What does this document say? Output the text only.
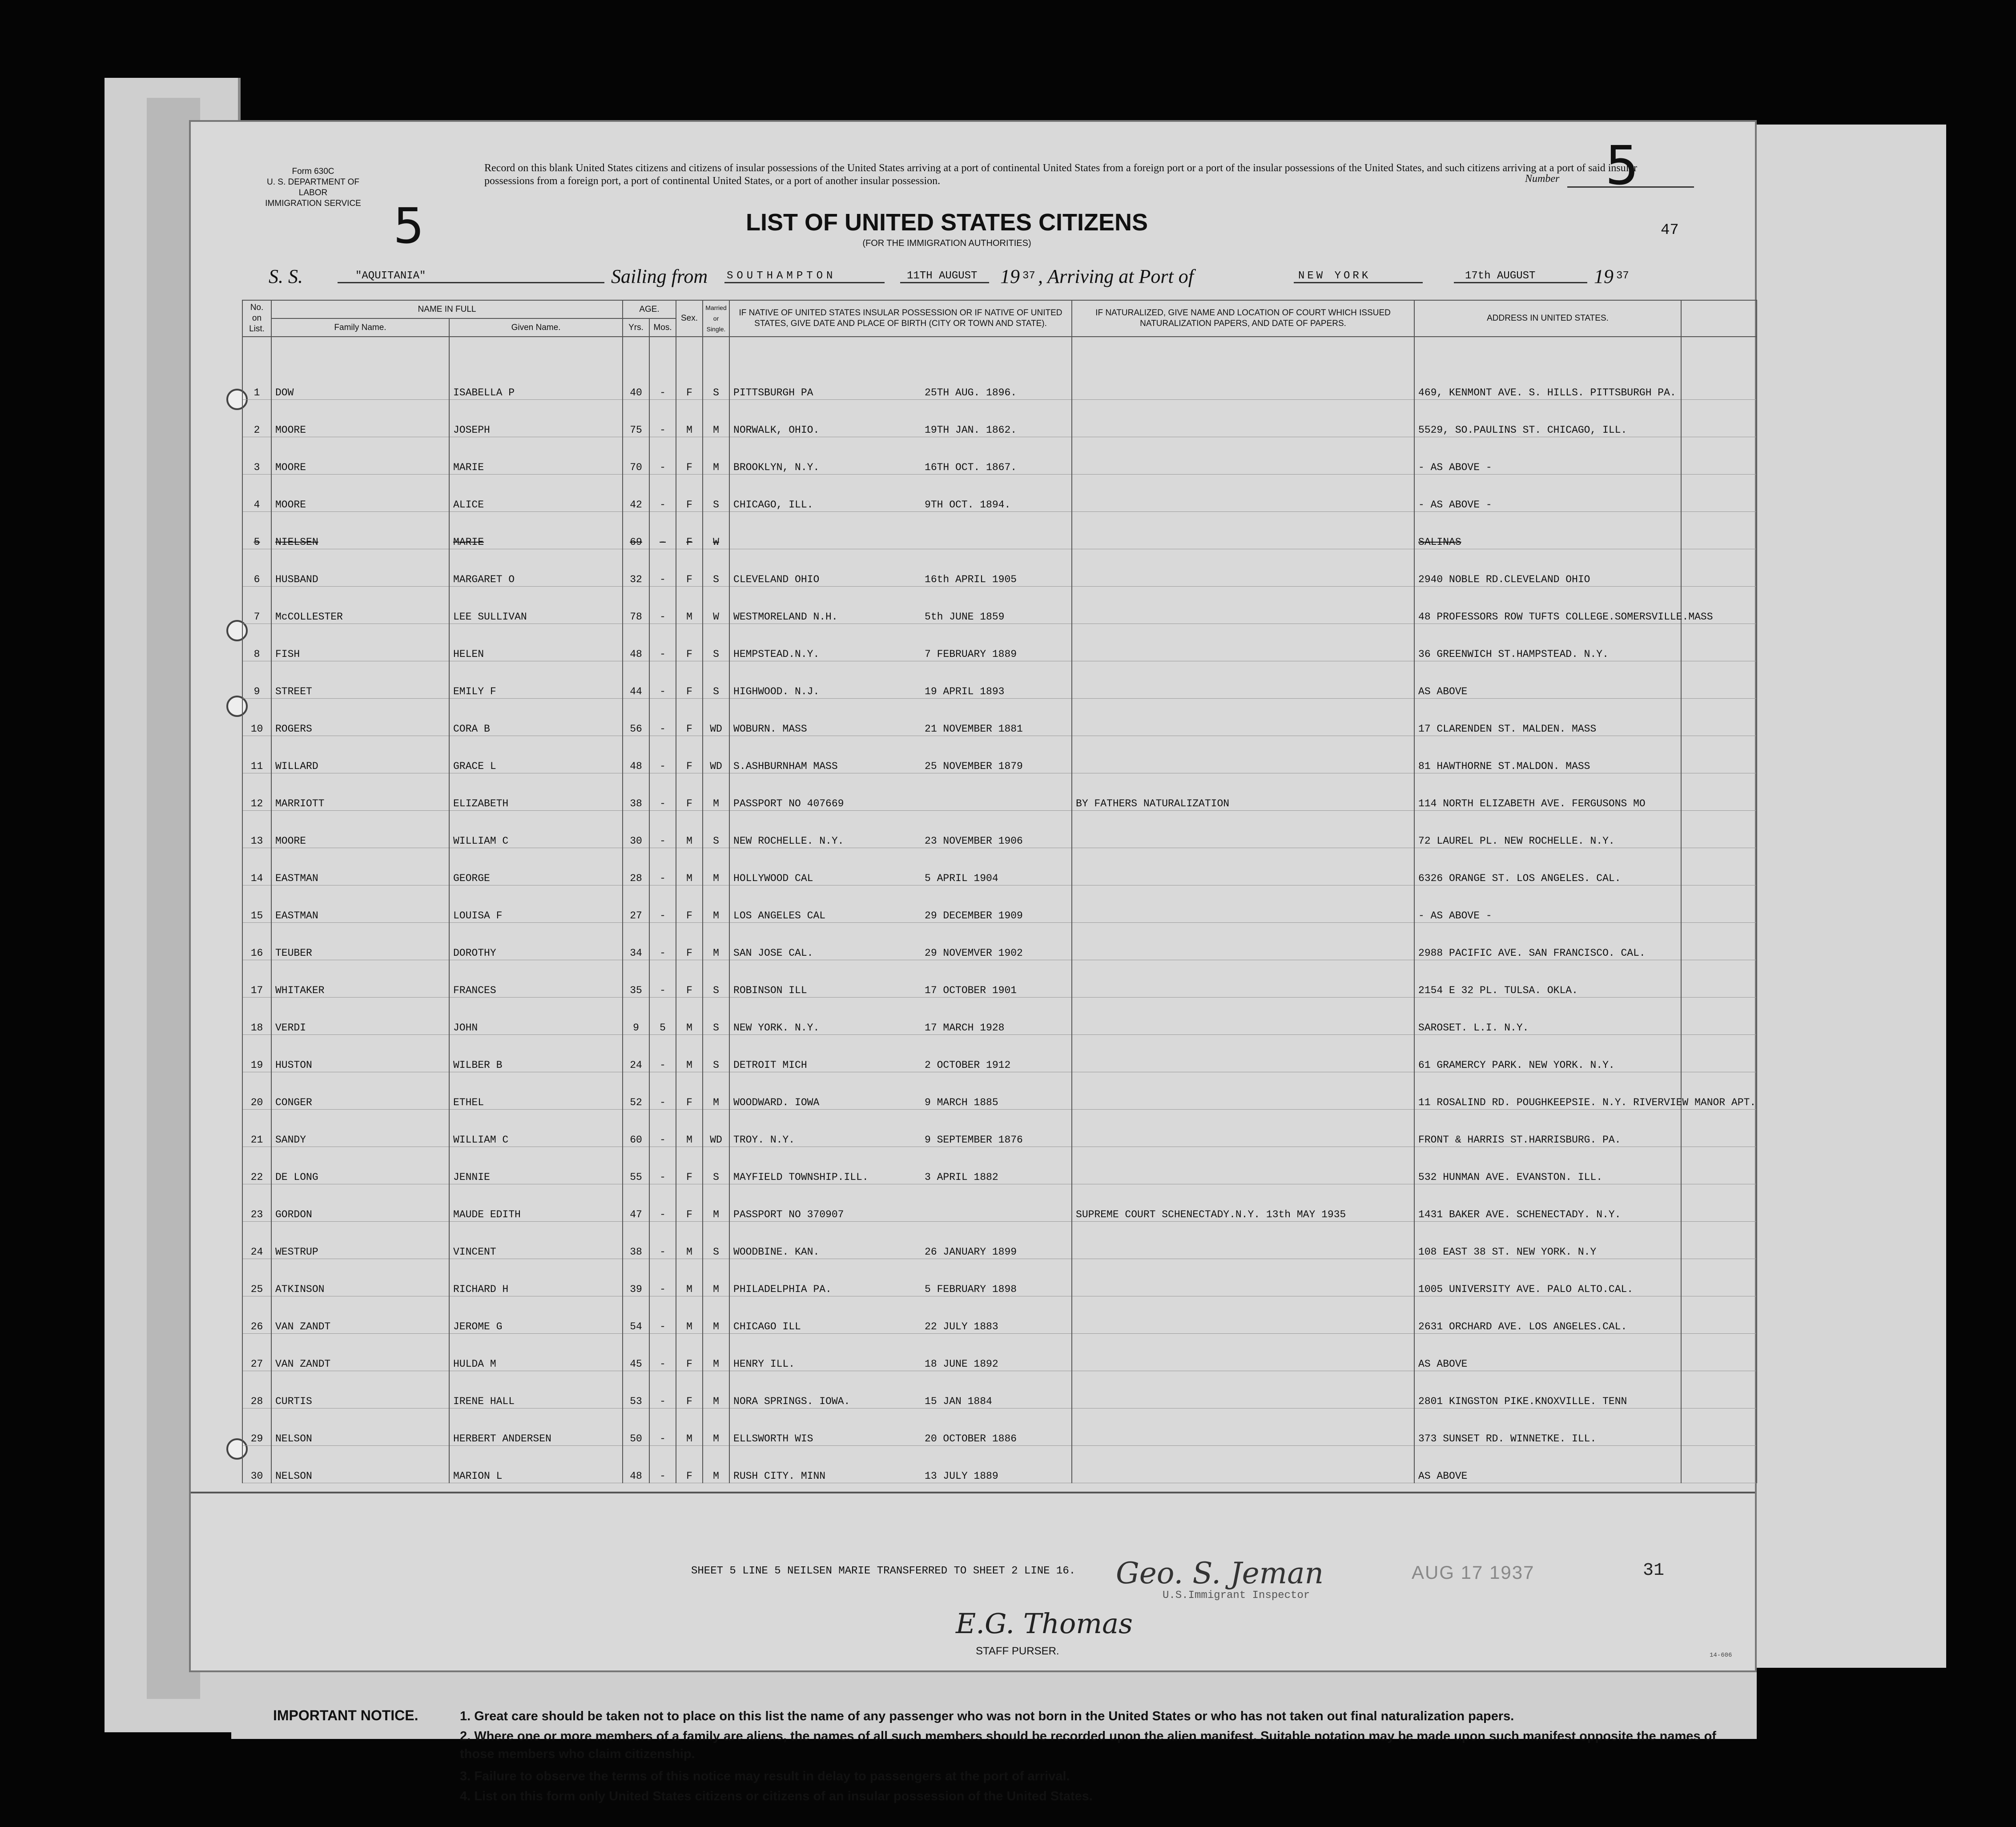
Form 630C
U. S. DEPARTMENT OF LABOR
IMMIGRATION SERVICE 5
Record on this blank United States citizens and citizens of insular possessions of the United States arriving at a port of continental United States from a foreign port or a port of the insular possessions of the United States, and such citizens arriving at a port of said insular possessions from a foreign port, a port of continental United States, or a port of another insular possession.	Number 5
LIST OF UNITED STATES CITIZENS
(FOR THE IMMIGRATION AUTHORITIES)
47
S. S.	"AQUITANIA"	Sailing from SOUTHAMPTON	11TH AUGUST 19 37 , Arriving at Port of	NEW YORK	17th AUGUST	19 37
No. on List.	NAME IN FULL		AGE.		Sex.	Married or Single.	IF NATIVE OF UNITED STATES INSULAR POSSESSION OR IF NATIVE OF UNITED STATES, GIVE DATE AND PLACE OF BIRTH (CITY OR TOWN AND STATE).	IF NATURALIZED, GIVE NAME AND LOCATION OF COURT WHICH ISSUED NATURALIZATION PAPERS, AND DATE OF PAPERS.	ADDRESS IN UNITED STATES.	
	Family Name.	Given Name.	Yrs.	Mos.						
1	DOW	ISABELLA P	40	-	F	S	PITTSBURGH PA 25TH AUG. 1896.		469, KENMONT AVE. S. HILLS. PITTSBURGH PA.	
2	MOORE	JOSEPH	75	-	M	M	NORWALK, OHIO. 19TH JAN. 1862.		5529, SO.PAULINS ST. CHICAGO, ILL.	
3	MOORE	MARIE	70	-	F	M	BROOKLYN, N.Y. 16TH OCT. 1867.		- AS ABOVE -	
4	MOORE	ALICE	42	-	F	S	CHICAGO, ILL. 9TH OCT. 1894.		- AS ABOVE -	
5	NIELSEN	MARIE	69	-	F	W			SALINAS	
6	HUSBAND	MARGARET O	32	-	F	S	CLEVELAND OHIO 16th APRIL 1905		2940 NOBLE RD.CLEVELAND OHIO	
7	McCOLLESTER	LEE SULLIVAN	78	-	M	W	WESTMORELAND N.H. 5th JUNE 1859		48 PROFESSORS ROW TUFTS COLLEGE.SOMERSVILLE.MASS	
8	FISH	HELEN	48	-	F	S	HEMPSTEAD.N.Y. 7 FEBRUARY 1889		36 GREENWICH ST.HAMPSTEAD. N.Y.	
9	STREET	EMILY F	44	-	F	S	HIGHWOOD. N.J. 19 APRIL 1893		AS ABOVE	
10	ROGERS	CORA B	56	-	F	WD	WOBURN. MASS 21 NOVEMBER 1881		17 CLARENDEN ST. MALDEN. MASS	
11	WILLARD	GRACE L	48	-	F	WD	S.ASHBURNHAM MASS 25 NOVEMBER 1879		81 HAWTHORNE ST.MALDON. MASS	
12	MARRIOTT	ELIZABETH	38	-	F	M	PASSPORT NO 407669	BY FATHERS NATURALIZATION	114 NORTH ELIZABETH AVE. FERGUSONS MO	
13	MOORE	WILLIAM C	30	-	M	S	NEW ROCHELLE. N.Y. 23 NOVEMBER 1906		72 LAUREL PL. NEW ROCHELLE. N.Y.	
14	EASTMAN	GEORGE	28	-	M	M	HOLLYWOOD CAL 5 APRIL 1904		6326 ORANGE ST. LOS ANGELES. CAL.	
15	EASTMAN	LOUISA F	27	-	F	M	LOS ANGELES CAL 29 DECEMBER 1909		- AS ABOVE -	
16	TEUBER	DOROTHY	34	-	F	M	SAN JOSE CAL. 29 NOVEMVER 1902		2988 PACIFIC AVE. SAN FRANCISCO. CAL.	
17	WHITAKER	FRANCES	35	-	F	S	ROBINSON ILL 17 OCTOBER 1901		2154 E 32 PL. TULSA. OKLA.	
18	VERDI	JOHN	9	5	M	S	NEW YORK. N.Y. 17 MARCH 1928		SAROSET. L.I. N.Y.	
19	HUSTON	WILBER B	24	-	M	S	DETROIT MICH 2 OCTOBER 1912		61 GRAMERCY PARK. NEW YORK. N.Y.	
20	CONGER	ETHEL	52	-	F	M	WOODWARD. IOWA 9 MARCH 1885		11 ROSALIND RD. POUGHKEEPSIE. N.Y. RIVERVIEW MANOR APT.	
21	SANDY	WILLIAM C	60	-	M	WD	TROY. N.Y. 9 SEPTEMBER 1876		FRONT & HARRIS ST.HARRISBURG. PA.	
22	DE LONG	JENNIE	55	-	F	S	MAYFIELD TOWNSHIP.ILL. 3 APRIL 1882		532 HUNMAN AVE. EVANSTON. ILL.	
23	GORDON	MAUDE EDITH	47	-	F	M	PASSPORT NO 370907	SUPREME COURT SCHENECTADY.N.Y. 13th MAY 1935	1431 BAKER AVE. SCHENECTADY. N.Y.	
24	WESTRUP	VINCENT	38	-	M	S	WOODBINE. KAN. 26 JANUARY 1899		108 EAST 38 ST. NEW YORK. N.Y	
25	ATKINSON	RICHARD H	39	-	M	M	PHILADELPHIA PA. 5 FEBRUARY 1898		1005 UNIVERSITY AVE. PALO ALTO.CAL.	
26	VAN ZANDT	JEROME G	54	-	M	M	CHICAGO ILL 22 JULY 1883		2631 ORCHARD AVE. LOS ANGELES.CAL.	
27	VAN ZANDT	HULDA M	45	-	F	M	HENRY ILL. 18 JUNE 1892		AS ABOVE	
28	CURTIS	IRENE HALL	53	-	F	M	NORA SPRINGS. IOWA. 15 JAN 1884		2801 KINGSTON PIKE.KNOXVILLE. TENN	
29	NELSON	HERBERT ANDERSEN	50	-	M	M	ELLSWORTH WIS 20 OCTOBER 1886		373 SUNSET RD. WINNETKE. ILL.	
30	NELSON	MARION L	48	-	F	M	RUSH CITY. MINN 13 JULY 1889		AS ABOVE	
SHEET 5 LINE 5 NEILSEN MARIE TRANSFERRED TO SHEET 2 LINE 16. Geo. S. Jeman
U.S.Immigrant Inspector
AUG 17 1937	31
E.G. Thomas
STAFF PURSER.
IMPORTANT NOTICE.	1. Great care should be taken not to place on this list the name of any passenger who was not born in the United States or who has not taken out final naturalization papers.
2. Where one or more members of a family are aliens, the names of all such members should be recorded upon the alien manifest. Suitable notation may be made upon such manifest opposite the names of those members who claim citizenship.
3. Failure to observe the terms of this notice may result in delay to passengers at the port of arrival.
4. List on this form only United States citizens or citizens of an insular possession of the United States.
14-606
